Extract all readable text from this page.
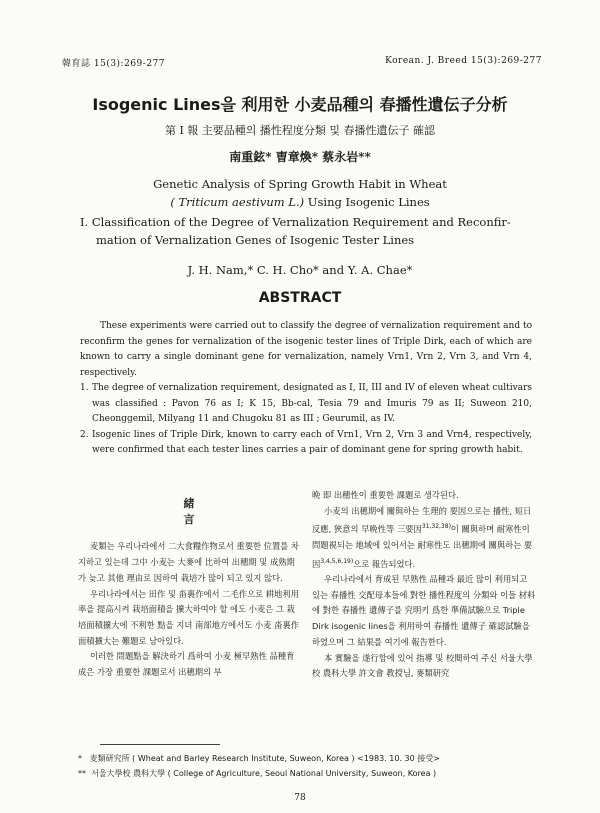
韓育誌 15(3):269-277	Korean. J. Breed 15(3):269-277
Isogenic Lines을 利用한 小麦品種의 春播性遺伝子分析
第 I 報 主要品種의 播性程度分類 및 春播性遺伝子 確認
南重鉉* 曺章煥* 蔡永岩**
Genetic Analysis of Spring Growth Habit in Wheat
( Triticum aestivum L.) Using Isogenic Lines
I. Classification of the Degree of Vernalization Requirement and Reconfir-
mation of Vernalization Genes of Isogenic Tester Lines
J. H. Nam,* C. H. Cho* and Y. A. Chae*
ABSTRACT

These experiments were carried out to classify the degree of vernalization requirement and to reconfirm the genes for vernalization of the isogenic tester lines of Triple Dirk, each of which are known to carry a single dominant gene for vernalization, namely Vrn1, Vrn 2, Vrn 3, and Vrn 4, respectively.

1. The degree of vernalization requirement, designated as I, II, III and IV of eleven wheat cultivars was classified : Pavon 76 as I; K 15, Bb-cal, Tesia 79 and Imuris 79 as II; Suweon 210, Cheonggemil, Milyang 11 and Chugoku 81 as III ; Geurumil, as IV.
2. Isogenic lines of Triple Dirk, known to carry each of Vrn1, Vrn 2, Vrn 3 and Vrn4, respectively, were confirmed that each tester lines carries a pair of dominant gene for spring growth habit.
緒 言

麦類는 우리나라에서 二大食糧作物로서 重要한 位置를 차지하고 있는데 그中 小麦는 大麥에 比하여 出穗期 및 成熟期가 늦고 其他 理由로 因하여 栽培가 많이 되고 있지 않다.

우리나라에서는 田作 및 畓裏作에서 二毛作으로 耕地利用率을 提高시켜 栽培面積을 擴大하여야 할 에도 小麦은 그 栽培面積擴大에 不利한 點을 지녀 南部地方에서도 小麦 畓裏作 面積擴大는 難題로 남아있다.

이러한 問題點을 解決하기 爲하여 小麦 極早熟性 品種育成은 가장 重要한 課題로서 出穗期의 부

晩 即 出穗性이 重要한 課題로 생각된다.

小麦의 出穗期에 關與하는 生理的 要因으로는 播性, 短日反應, 狹意의 早晩性等 三要因$^{31,32,38)}$이 關與하며 耐寒性이 問題視되는 地域에 있어서는 耐寒性도 出穗期에 關與하는 要因$^{3,4,5,6,19)}$으로 報告되었다.

우리나라에서 育成된 早熟性 品種과 最近 많이 利用되고 있는 春播性 交配母本들에 對한 播性程度의 分類와 이들 材料에 對한 春播性 遺傳子를 究明키 爲한 準備試驗으로 Triple Dirk isogenic lines을 利用하여 春播性 遺傳子 確認試驗을 하였으며 그 結果를 여기에 報告한다.

本 實驗을 遂行함에 있어 指導 및 校閱하여 주신 서울大學校 農科大學 許文會 教授님, 麥類研究

* 麦類研究所 ( Wheat and Barley Research Institute, Suweon, Korea ) <1983. 10. 30 接受>

** 서울大學校 農科大學 ( College of Agriculture, Seoul National University, Suweon, Korea )

78
